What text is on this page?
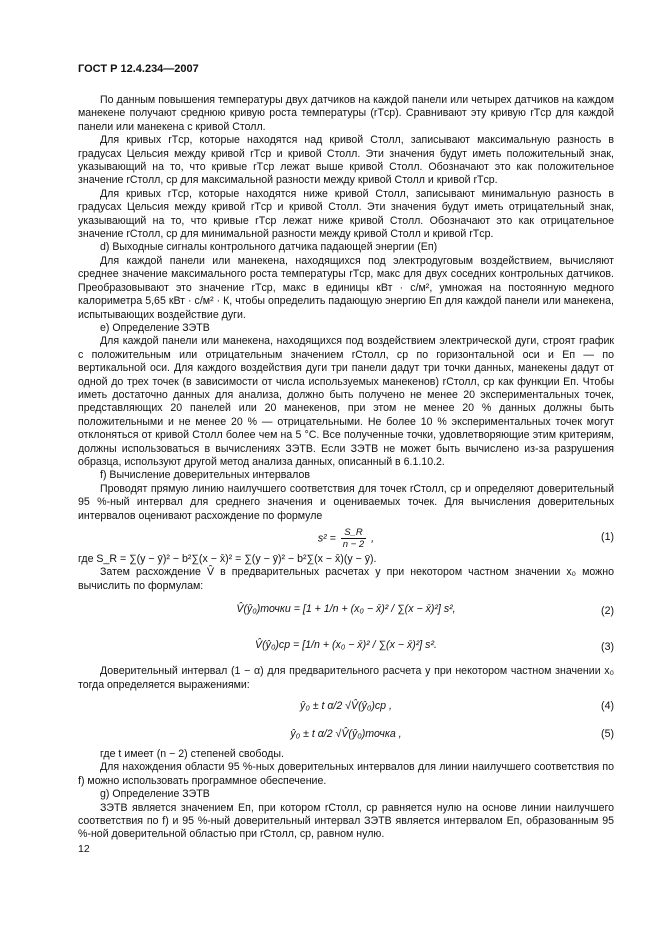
ГОСТ Р 12.4.234—2007

По данным повышения температуры двух датчиков на каждой панели или четырех датчиков на каждом манекене получают среднюю кривую роста температуры (rTср). Сравнивают эту кривую rTср для каждой панели или манекена с кривой Столл.

Для кривых rTср, которые находятся над кривой Столл, записывают максимальную разность в градусах Цельсия между кривой rTср и кривой Столл. Эти значения будут иметь положительный знак, указывающий на то, что кривые rTср лежат выше кривой Столл. Обозначают это как положительное значение rСтолл, ср для максимальной разности между кривой Столл и кривой rTср.

Для кривых rTср, которые находятся ниже кривой Столл, записывают минимальную разность в градусах Цельсия между кривой rTср и кривой Столл. Эти значения будут иметь отрицательный знак, указывающий на то, что кривые rTср лежат ниже кривой Столл. Обозначают это как отрицательное значение rСтолл, ср для минимальной разности между кривой Столл и кривой rTср.

d) Выходные сигналы контрольного датчика падающей энергии (Eп)

Для каждой панели или манекена, находящихся под электродуговым воздействием, вычисляют среднее значение максимального роста температуры rTср, макс для двух соседних контрольных датчиков. Преобразовывают это значение rTср, макс в единицы кВт · с/м², умножая на постоянную медного калориметра 5,65 кВт · с/м² · К, чтобы определить падающую энергию Eп для каждой панели или манекена, испытывающих воздействие дуги.

е) Определение ЗЭТВ

Для каждой панели или манекена, находящихся под воздействием электрической дуги, строят график с положительным или отрицательным значением rСтолл, ср по горизонтальной оси и Eп — по вертикальной оси. Для каждого воздействия дуги три панели дадут три точки данных, манекены дадут от одной до трех точек (в зависимости от числа используемых манекенов) rСтолл, ср как функции Eп. Чтобы иметь достаточно данных для анализа, должно быть получено не менее 20 экспериментальных точек, представляющих 20 панелей или 20 манекенов, при этом не менее 20 % данных должны быть положительными и не менее 20 % — отрицательными. Не более 10 % экспериментальных точек могут отклоняться от кривой Столл более чем на 5 °С. Все полученные точки, удовлетворяющие этим критериям, должны использоваться в вычислениях ЗЭТВ. Если ЗЭТВ не может быть вычислено из-за разрушения образца, используют другой метод анализа данных, описанный в 6.1.10.2.

f) Вычисление доверительных интервалов

Проводят прямую линию наилучшего соответствия для точек rСтолл, ср и определяют доверительный 95 %-ный интервал для среднего значения и оцениваемых точек. Для вычисления доверительных интервалов оценивают расхождение по формуле

$s^2 = \frac{S\_R}{n - 2}$ ,	(1)

где S_R = ∑(y − ȳ)² − b²∑(x − x̄)² = ∑(y − ȳ)² − b²∑(x − x̄)(y − ȳ).

Затем расхождение V̂ в предварительных расчетах y при некотором частном значении x₀ можно вычислить по формулам:

V̂(ŷ₀)точки = [1 + 1/n + (x₀ − x̄)² / ∑(x − x̄)²] s²,	(2)
V̂(ŷ₀)ср = [1/n + (x₀ − x̄)² / ∑(x − x̄)²] s².	(3)

Доверительный интервал (1 − α) для предварительного расчета y при некотором частном значении x₀ тогда определяется выражениями:

ŷ₀ ± t α/2 √V̂(ŷ₀)ср ,	(4)
ŷ₀ ± t α/2 √V̂(ŷ₀)точка ,	(5)

где t имеет (n − 2) степеней свободы.

Для нахождения области 95 %-ных доверительных интервалов для линии наилучшего соответствия по f) можно использовать программное обеспечение.

g) Определение ЗЭТВ

ЗЭТВ является значением Eп, при котором rСтолл, ср равняется нулю на основе линии наилучшего соответствия по f) и 95 %-ный доверительный интервал ЗЭТВ является интервалом Eп, образованным 95 %-ной доверительной областью при rСтолл, ср, равном нулю.

12
